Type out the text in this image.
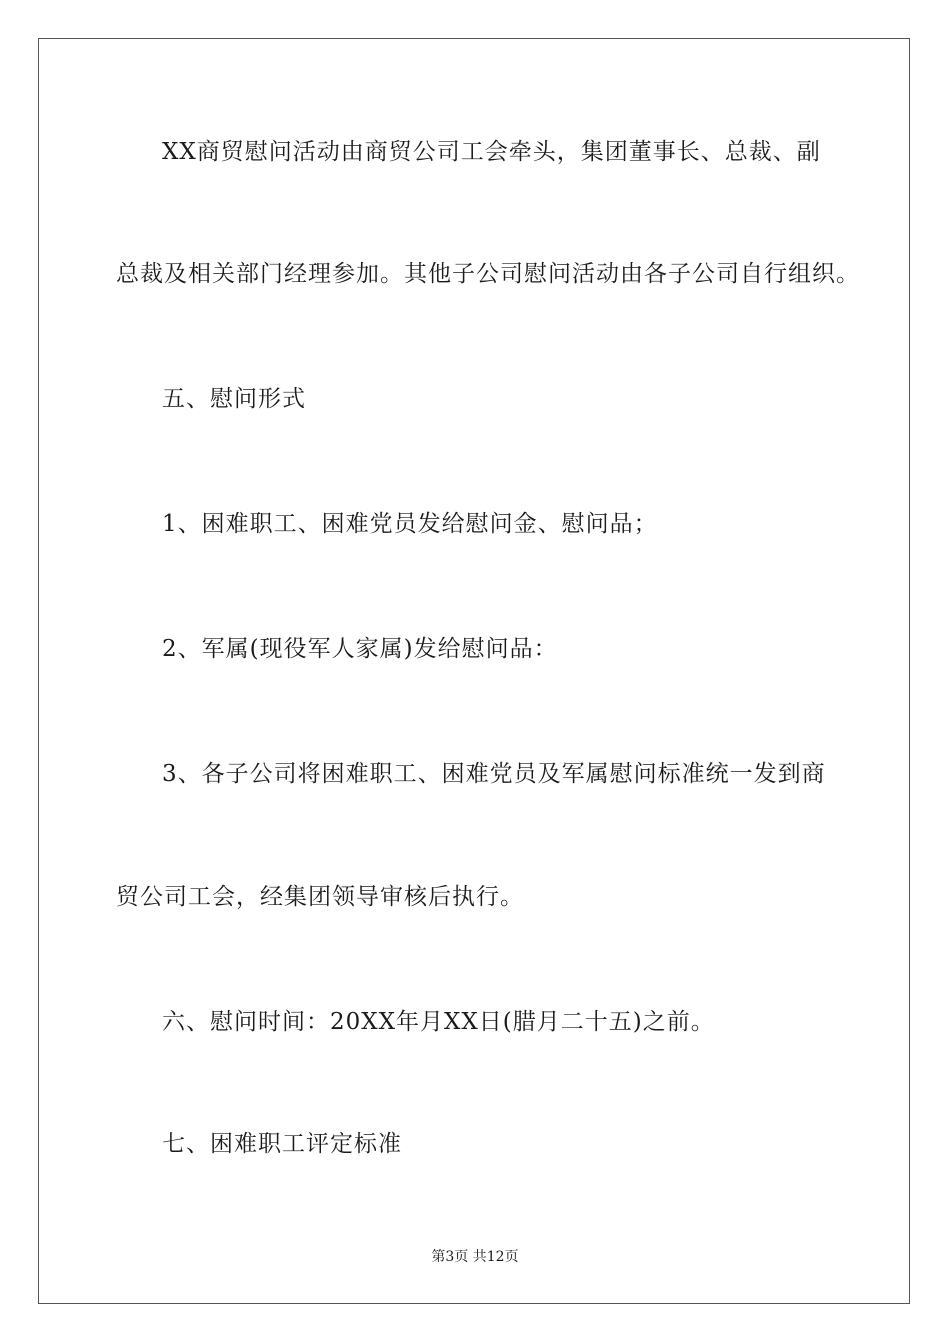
XX商贸慰问活动由商贸公司工会牵头，集团董事长、总裁、副
总裁及相关部门经理参加。其他子公司慰问活动由各子公司自行组织。
五、慰问形式
1、困难职工、困难党员发给慰问金、慰问品；
2、军属(现役军人家属)发给慰问品：
3、各子公司将困难职工、困难党员及军属慰问标准统一发到商
贸公司工会，经集团领导审核后执行。
六、慰问时间：20XX年月XX日(腊月二十五)之前。
七、困难职工评定标准
第3页 共12页
